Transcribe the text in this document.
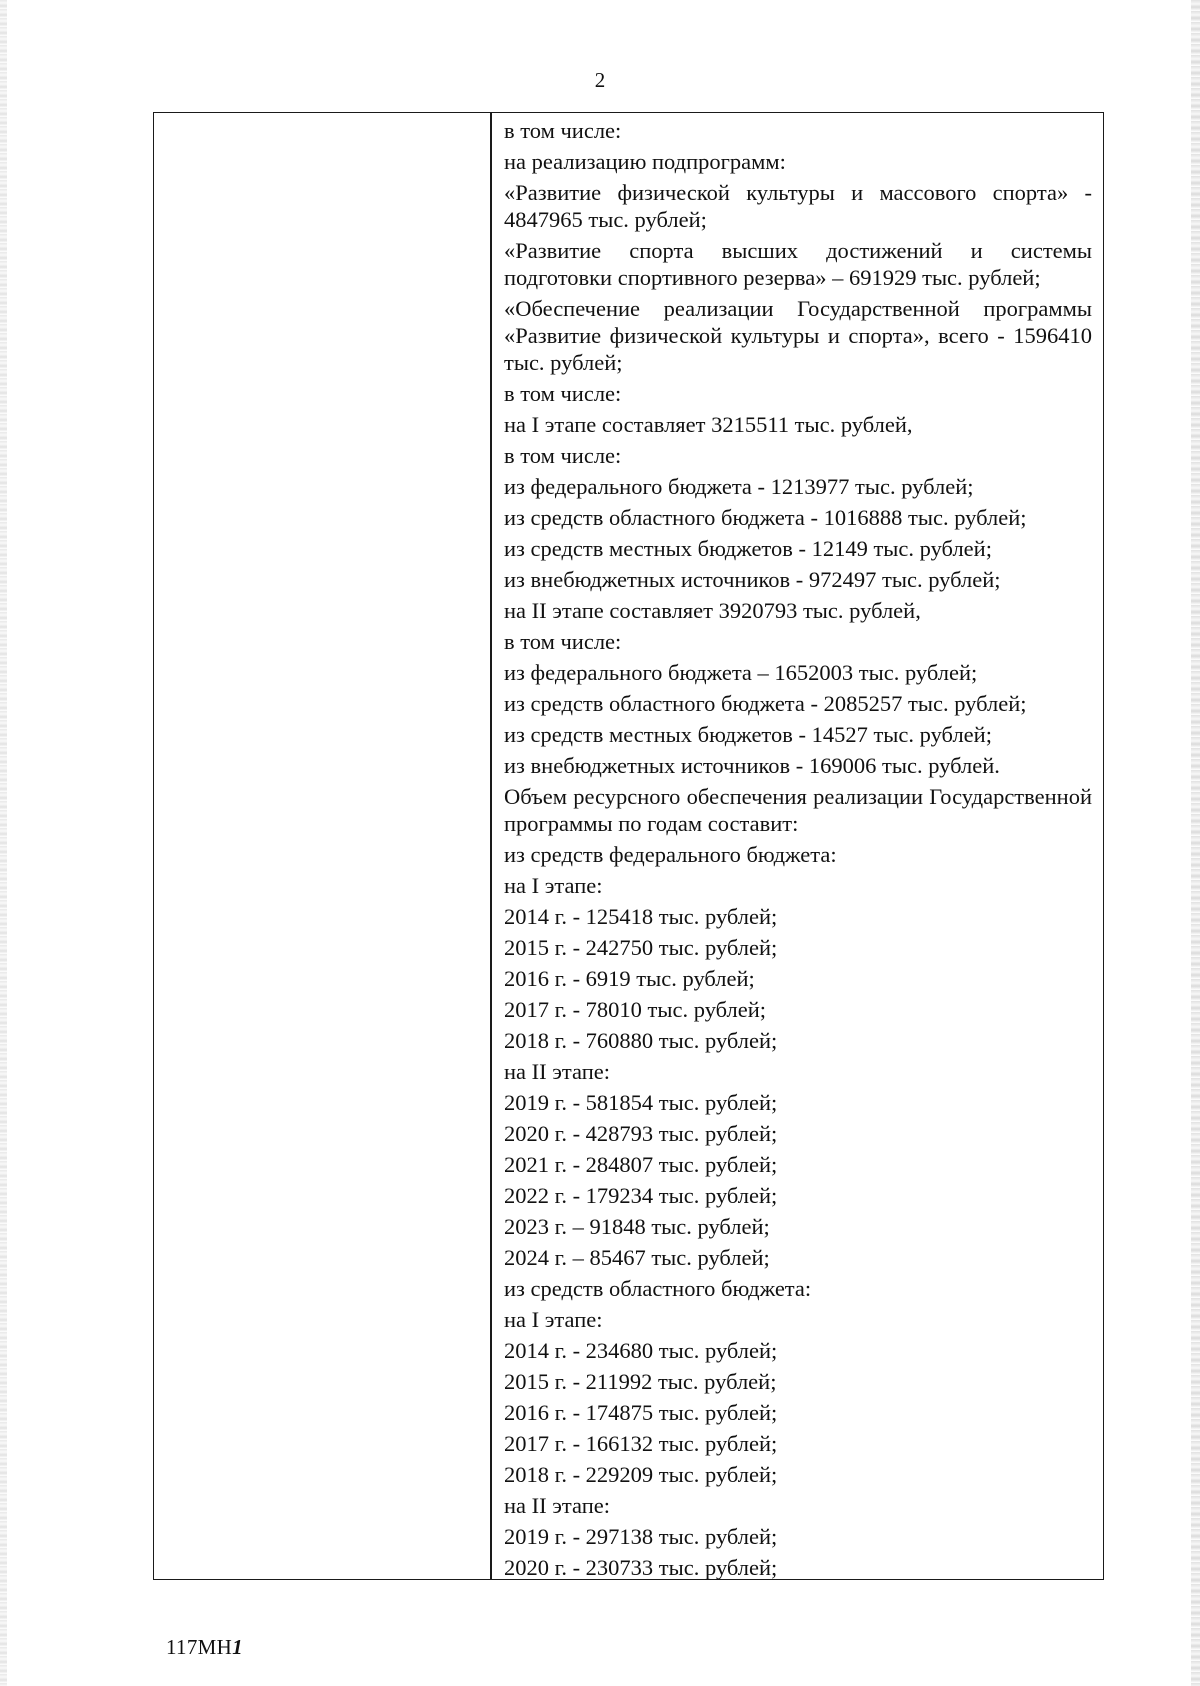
2

в том числе:

на реализацию подпрограмм:

«Развитие физической культуры и массового спорта» - 4847965 тыс. рублей;

«Развитие спорта высших достижений и системы подготовки спортивного резерва» – 691929 тыс. рублей;

«Обеспечение реализации Государственной программы «Развитие физической культуры и спорта», всего - 1596410 тыс. рублей;

в том числе:

на I этапе составляет 3215511 тыс. рублей,

в том числе:

из федерального бюджета - 1213977 тыс. рублей;

из средств областного бюджета - 1016888 тыс. рублей;

из средств местных бюджетов - 12149 тыс. рублей;

из внебюджетных источников - 972497 тыс. рублей;

на II этапе составляет 3920793 тыс. рублей,

в том числе:

из федерального бюджета – 1652003 тыс. рублей;

из средств областного бюджета - 2085257 тыс. рублей;

из средств местных бюджетов - 14527 тыс. рублей;

из внебюджетных источников - 169006 тыс. рублей.

Объем ресурсного обеспечения реализации Государственной программы по годам составит:

из средств федерального бюджета:

на I этапе:

2014 г. - 125418 тыс. рублей;

2015 г. - 242750 тыс. рублей;

2016 г. - 6919 тыс. рублей;

2017 г. - 78010 тыс. рублей;

2018 г. - 760880 тыс. рублей;

на II этапе:

2019 г. - 581854 тыс. рублей;

2020 г. - 428793 тыс. рублей;

2021 г. - 284807 тыс. рублей;

2022 г. - 179234 тыс. рублей;

2023 г. – 91848 тыс. рублей;

2024 г. – 85467 тыс. рублей;

из средств областного бюджета:

на I этапе:

2014 г. - 234680 тыс. рублей;

2015 г. - 211992 тыс. рублей;

2016 г. - 174875 тыс. рублей;

2017 г. - 166132 тыс. рублей;

2018 г. - 229209 тыс. рублей;

на II этапе:

2019 г. - 297138 тыс. рублей;

2020 г. - 230733 тыс. рублей;

117МН1
